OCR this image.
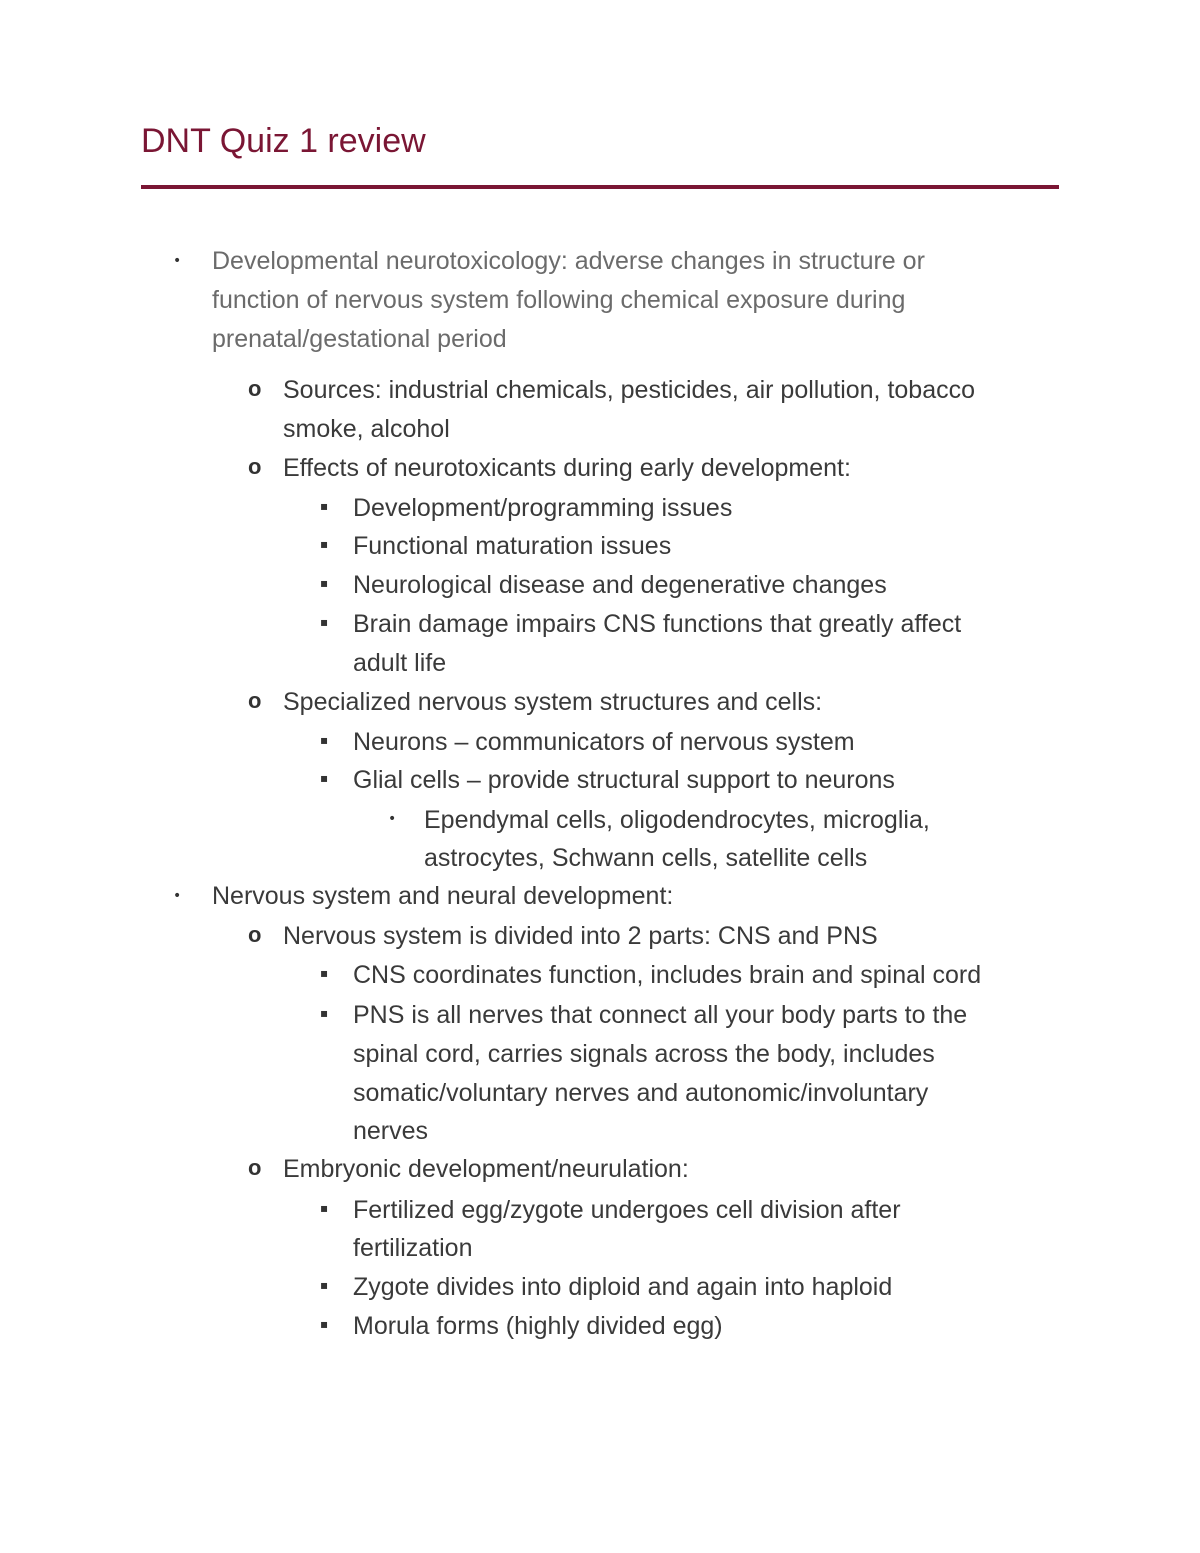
DNT Quiz 1 review
• Developmental neurotoxicology: adverse changes in structure or

function of nervous system following chemical exposure during

prenatal/gestational period

o Sources: industrial chemicals, pesticides, air pollution, tobacco

smoke, alcohol

o Effects of neurotoxicants during early development:

▪ Development/programming issues

▪ Functional maturation issues

▪ Neurological disease and degenerative changes

▪ Brain damage impairs CNS functions that greatly affect

adult life

o Specialized nervous system structures and cells:

▪ Neurons – communicators of nervous system

▪ Glial cells – provide structural support to neurons

• Ependymal cells, oligodendrocytes, microglia,

astrocytes, Schwann cells, satellite cells

• Nervous system and neural development:

o Nervous system is divided into 2 parts: CNS and PNS

▪ CNS coordinates function, includes brain and spinal cord

▪ PNS is all nerves that connect all your body parts to the

spinal cord, carries signals across the body, includes

somatic/voluntary nerves and autonomic/involuntary

nerves

o Embryonic development/neurulation:

▪ Fertilized egg/zygote undergoes cell division after

fertilization

▪ Zygote divides into diploid and again into haploid

▪ Morula forms (highly divided egg)
